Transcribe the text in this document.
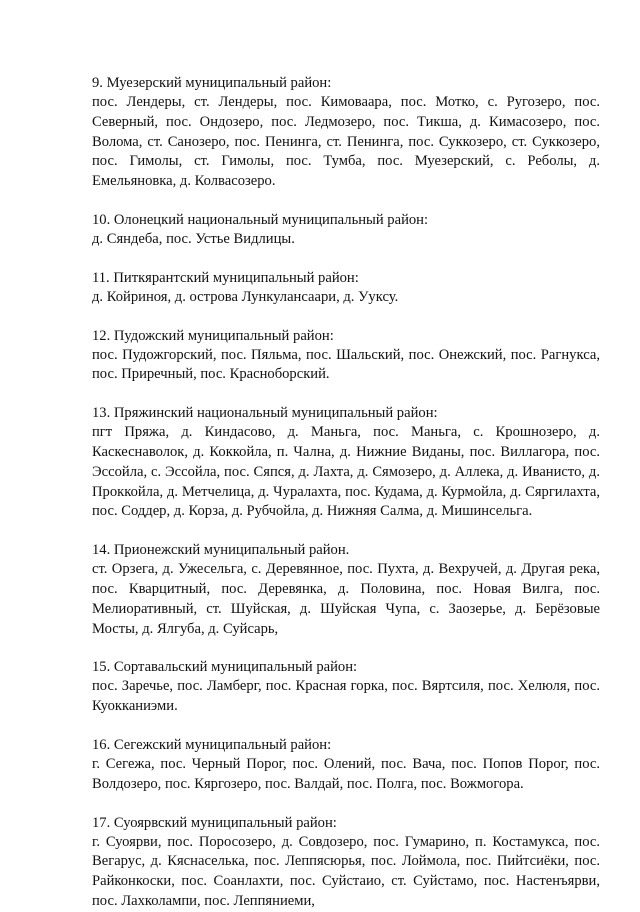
9. Муезерский муниципальный район:

пос. Лендеры, ст. Лендеры, пос. Кимоваара, пос. Мотко, с. Ругозеро, пос. Северный, пос. Ондозеро, пос. Ледмозеро, пос. Тикша, д. Кимасозеро, пос. Волома, ст. Санозеро, пос. Пенинга, ст. Пенинга, пос. Суккозеро, ст. Суккозеро, пос. Гимолы, ст. Гимолы, пос. Тумба, пос. Муезерский, с. Реболы, д. Емельяновка, д. Колвасозеро.

10. Олонецкий национальный муниципальный район:

д. Сяндеба, пос. Устье Видлицы.

11. Питкярантский муниципальный район:

д. Койриноя, д. острова Лункулансаари, д. Ууксу.

12. Пудожский муниципальный район:

пос. Пудожгорский, пос. Пяльма, пос. Шальский, пос. Онежский, пос. Рагнукса, пос. Приречный, пос. Красноборский.

13. Пряжинский национальный муниципальный район:

пгт Пряжа, д. Киндасово, д. Маньга, пос. Маньга, с. Крошнозеро, д. Каскеснаволок, д. Коккойла, п. Чална, д. Нижние Виданы, пос. Виллагора, пос. Эссойла, с. Эссойла, пос. Сяпся, д. Лахта, д. Сямозеро, д. Аллека, д. Иванисто, д. Проккойла, д. Метчелица, д. Чуралахта, пос. Кудама, д. Курмойла, д. Сяргилахта, пос. Соддер, д. Корза, д. Рубчойла, д. Нижняя Салма, д. Мишинсельга.

14. Прионежский муниципальный район.

ст. Орзега, д. Ужесельга, с. Деревянное, пос. Пухта, д. Вехручей, д. Другая река, пос. Кварцитный, пос. Деревянка, д. Половина, пос. Новая Вилга, пос. Мелиоративный, ст. Шуйская, д. Шуйская Чупа, с. Заозерье, д. Берёзовые Мосты, д. Ялгуба, д. Суйсарь,

15. Сортавальский муниципальный район:

пос. Заречье, пос. Ламберг, пос. Красная горка, пос. Вяртсиля, пос. Хелюля, пос. Куокканиэми.

16. Сегежский муниципальный район:

г. Сегежа, пос. Черный Порог, пос. Олений, пос. Вача, пос. Попов Порог, пос. Волдозеро, пос. Кяргозеро, пос. Валдай, пос. Полга, пос. Вожмогора.

17. Суоярвский муниципальный район:

г. Суоярви, пос. Поросозеро, д. Совдозеро, пос. Гумарино, п. Костамукса, пос. Вегарус, д. Кяснаселька, пос. Леппясюрья, пос. Лоймола, пос. Пийтсиёки, пос. Райконкоски, пос. Соанлахти, пос. Суйстаио, ст. Суйстамо, пос. Настенъярви, пос. Лахколампи, пос. Леппяниеми,
